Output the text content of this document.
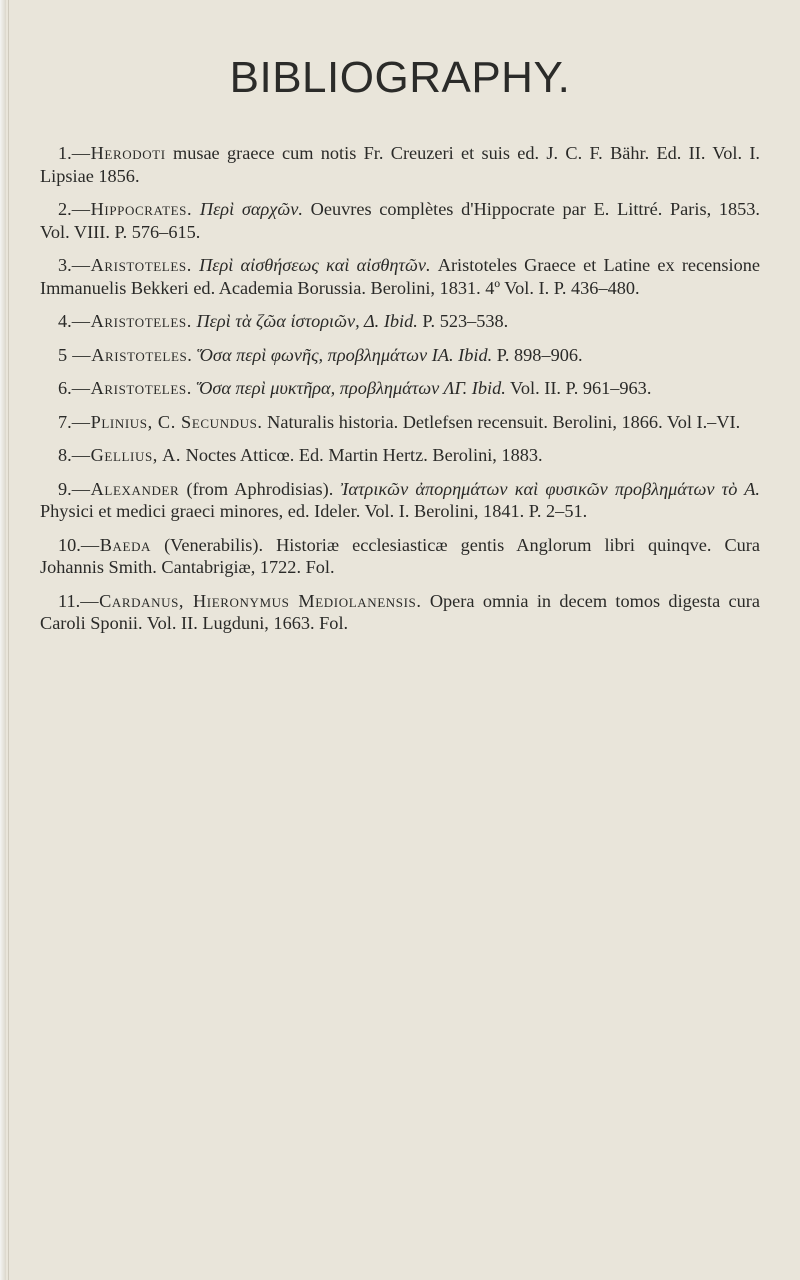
BIBLIOGRAPHY.

1.—Herodoti musae graece cum notis Fr. Creuzeri et suis ed. J. C. F. Bähr. Ed. II. Vol. I. Lipsiae 1856.

2.—Hippocrates. Περὶ σαρχῶν. Oeuvres complètes d'Hippocrate par E. Littré. Paris, 1853. Vol. VIII. P. 576–615.

3.—Aristoteles. Περὶ αἰσθήσεως καὶ αἰσθητῶν. Aristoteles Graece et Latine ex recensione Immanuelis Bekkeri ed. Academia Borussia. Berolini, 1831. 4º Vol. I. P. 436–480.

4.—Aristoteles. Περὶ τὰ ζῶα ἱστοριῶν, Δ. Ibid. P. 523–538.

5 —Aristoteles. Ὅσα περὶ φωνῆς, προβλημάτων ΙΑ. Ibid. P. 898–906.

6.—Aristoteles. Ὅσα περὶ μυκτῆρα, προβλημάτων ΛΓ. Ibid. Vol. II. P. 961–963.

7.—Plinius, C. Secundus. Naturalis historia. Detlefsen recensuit. Berolini, 1866. Vol I.–VI.

8.—Gellius, A. Noctes Atticœ. Ed. Martin Hertz. Berolini, 1883.

9.—Alexander (from Aphrodisias). Ἰατρικῶν ἀπορημάτων καὶ φυσικῶν προβλημάτων τὸ Α. Physici et medici graeci minores, ed. Ideler. Vol. I. Berolini, 1841. P. 2–51.

10.—Baeda (Venerabilis). Historiæ ecclesiasticæ gentis Anglorum libri quinqve. Cura Johannis Smith. Cantabrigiæ, 1722. Fol.

11.—Cardanus, Hieronymus Mediolanensis. Opera omnia in decem tomos digesta cura Caroli Sponii. Vol. II. Lugduni, 1663. Fol.
